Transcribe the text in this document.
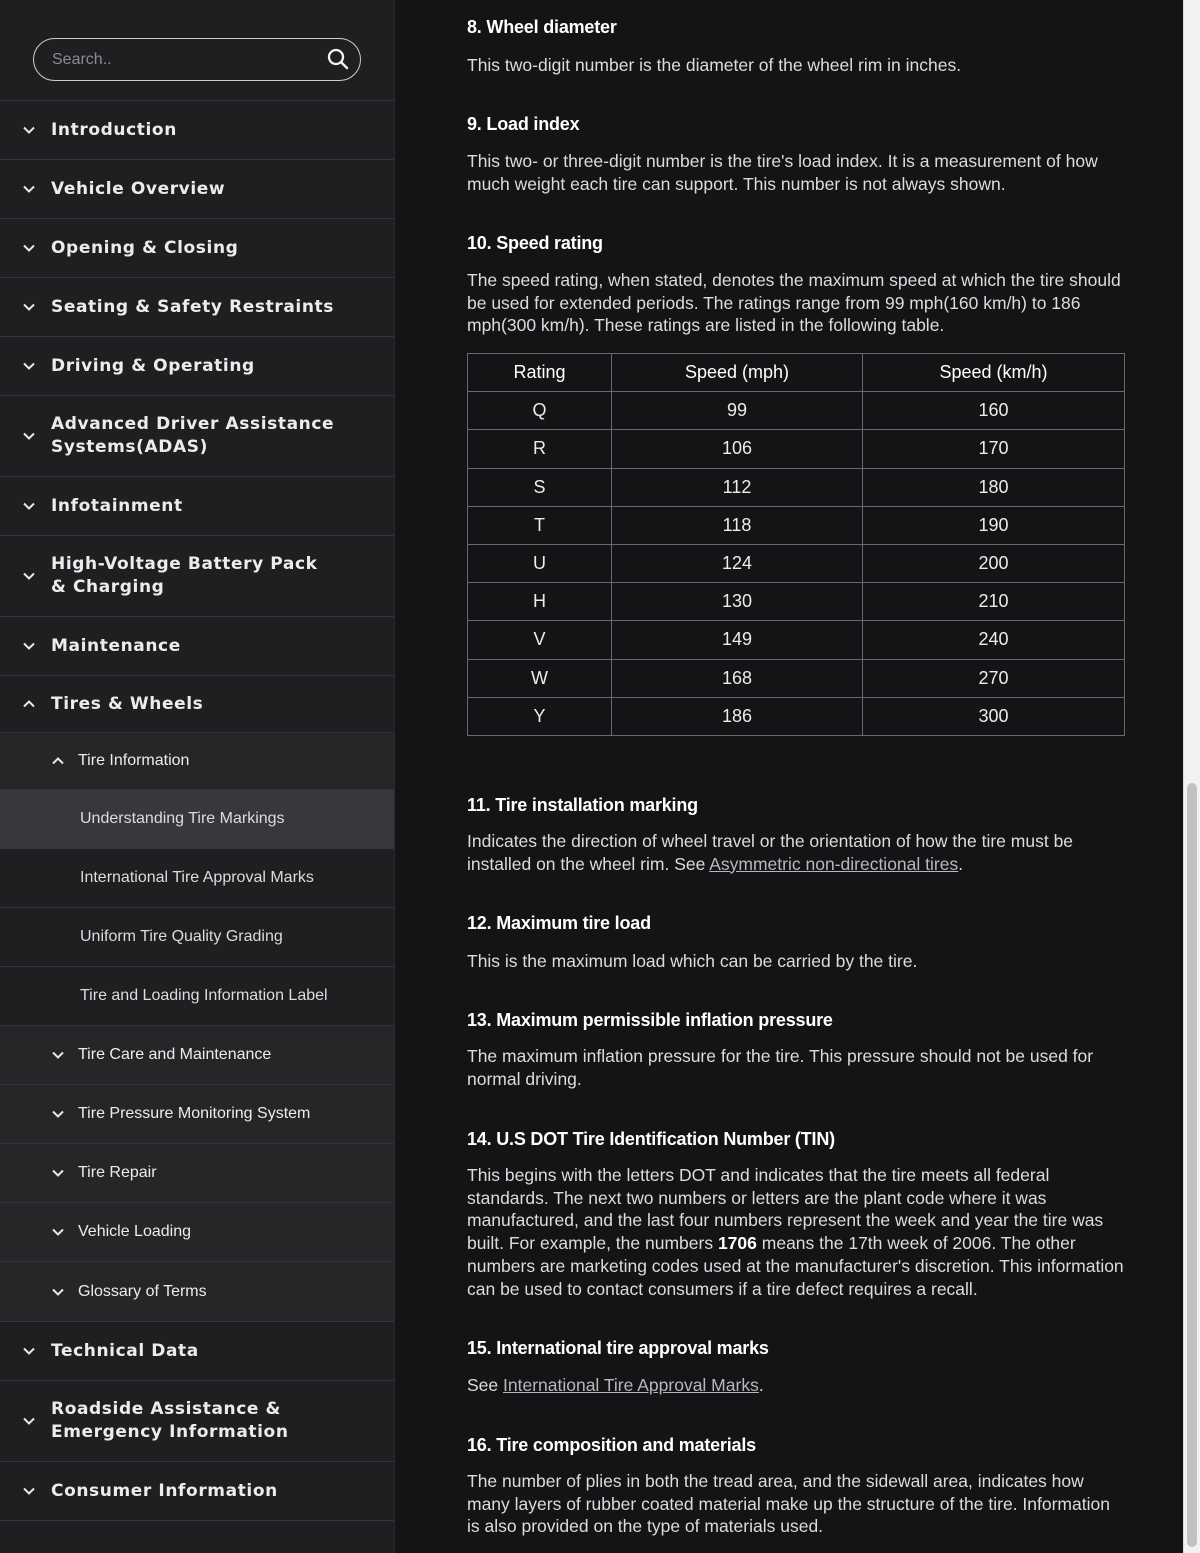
Search..
Introduction
Vehicle Overview
Opening & Closing
Seating & Safety Restraints
Driving & Operating
Advanced Driver Assistance Systems(ADAS)
Infotainment
High-Voltage Battery Pack & Charging
Maintenance
Tires & Wheels
Tire Information
Understanding Tire Markings
International Tire Approval Marks
Uniform Tire Quality Grading
Tire and Loading Information Label
Tire Care and Maintenance
Tire Pressure Monitoring System
Tire Repair
Vehicle Loading
Glossary of Terms
Technical Data
Roadside Assistance & Emergency Information
Consumer Information
8. Wheel diameter
This two-digit number is the diameter of the wheel rim in inches.
9. Load index
This two- or three-digit number is the tire's load index. It is a measurement of how much weight each tire can support. This number is not always shown.
10. Speed rating
The speed rating, when stated, denotes the maximum speed at which the tire should be used for extended periods. The ratings range from 99 mph(160 km/h) to 186 mph(300 km/h). These ratings are listed in the following table.
Rating	Speed (mph)	Speed (km/h)
Q	99	160
R	106	170
S	112	180
T	118	190
U	124	200
H	130	210
V	149	240
W	168	270
Y	186	300
11. Tire installation marking
Indicates the direction of wheel travel or the orientation of how the tire must be installed on the wheel rim. See Asymmetric non-directional tires.
12. Maximum tire load
This is the maximum load which can be carried by the tire.
13. Maximum permissible inflation pressure
The maximum inflation pressure for the tire. This pressure should not be used for normal driving.
14. U.S DOT Tire Identification Number (TIN)
This begins with the letters DOT and indicates that the tire meets all federal standards. The next two numbers or letters are the plant code where it was manufactured, and the last four numbers represent the week and year the tire was built. For example, the numbers 1706 means the 17th week of 2006. The other numbers are marketing codes used at the manufacturer's discretion. This information can be used to contact consumers if a tire defect requires a recall.
15. International tire approval marks
See International Tire Approval Marks.
16. Tire composition and materials
The number of plies in both the tread area, and the sidewall area, indicates how many layers of rubber coated material make up the structure of the tire. Information is also provided on the type of materials used.
